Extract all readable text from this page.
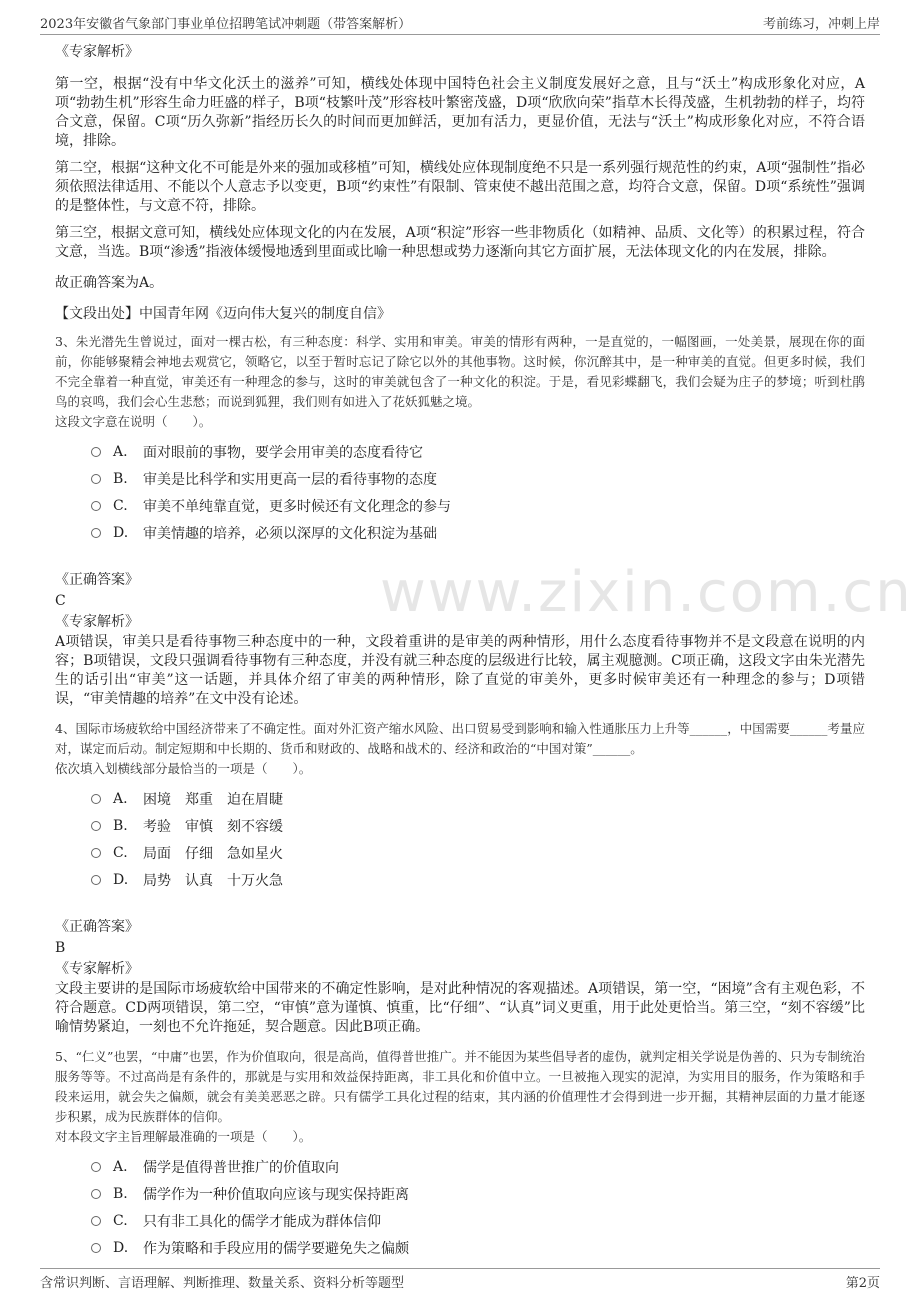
2023年安徽省气象部门事业单位招聘笔试冲刺题（带答案解析）	考前练习，冲刺上岸
www.zixin.com.cn

《专家解析》

第一空，根据“没有中华文化沃土的滋养”可知，横线处体现中国特色社会主义制度发展好之意，且与“沃土”构成形象化对应，A项“勃勃生机”形容生命力旺盛的样子，B项“枝繁叶茂”形容枝叶繁密茂盛，D项“欣欣向荣”指草木长得茂盛，生机勃勃的样子，均符合文意，保留。C项“历久弥新”指经历长久的时间而更加鲜活，更加有活力，更显价值，无法与“沃土”构成形象化对应，不符合语境，排除。

第二空，根据“这种文化不可能是外来的强加或移植”可知，横线处应体现制度绝不只是一系列强行规范性的约束，A项“强制性”指必须依照法律适用、不能以个人意志予以变更，B项“约束性”有限制、管束使不越出范围之意，均符合文意，保留。D项“系统性”强调的是整体性，与文意不符，排除。

第三空，根据文意可知，横线处应体现文化的内在发展，A项“积淀”形容一些非物质化（如精神、品质、文化等）的积累过程，符合文意，当选。B项“渗透”指液体缓慢地透到里面或比喻一种思想或势力逐渐向其它方面扩展，无法体现文化的内在发展，排除。

故正确答案为A。

【文段出处】中国青年网《迈向伟大复兴的制度自信》

3、朱光潜先生曾说过，面对一棵古松，有三种态度：科学、实用和审美。审美的情形有两种，一是直觉的，一幅图画，一处美景，展现在你的面前，你能够聚精会神地去观赏它，领略它，以至于暂时忘记了除它以外的其他事物。这时候，你沉醉其中，是一种审美的直觉。但更多时候，我们不完全靠着一种直觉，审美还有一种理念的参与，这时的审美就包含了一种文化的积淀。于是，看见彩蝶翻飞，我们会疑为庄子的梦境；听到杜鹃鸟的哀鸣，我们会心生悲愁；而说到狐狸，我们则有如进入了花妖狐魅之境。

这段文字意在说明（　　）。

A.	面对眼前的事物，要学会用审美的态度看待它
B.	审美是比科学和实用更高一层的看待事物的态度
C.	审美不单纯靠直觉，更多时候还有文化理念的参与
D.	审美情趣的培养，必须以深厚的文化积淀为基础

《正确答案》

C

《专家解析》

A项错误，审美只是看待事物三种态度中的一种，文段着重讲的是审美的两种情形，用什么态度看待事物并不是文段意在说明的内容；B项错误，文段只强调看待事物有三种态度，并没有就三种态度的层级进行比较，属主观臆测。C项正确，这段文字由朱光潜先生的话引出“审美”这一话题，并具体介绍了审美的两种情形，除了直觉的审美外，更多时候审美还有一种理念的参与；D项错误，“审美情趣的培养”在文中没有论述。

4、国际市场疲软给中国经济带来了不确定性。面对外汇资产缩水风险、出口贸易受到影响和输入性通胀压力上升等______，中国需要______考量应对，谋定而后动。制定短期和中长期的、货币和财政的、战略和战术的、经济和政治的“中国对策”______。

依次填入划横线部分最恰当的一项是（　　）。

A.	困境　郑重　迫在眉睫
B.	考验　审慎　刻不容缓
C.	局面　仔细　急如星火
D.	局势　认真　十万火急

《正确答案》

B

《专家解析》

文段主要讲的是国际市场疲软给中国带来的不确定性影响，是对此种情况的客观描述。A项错误，第一空，“困境”含有主观色彩，不符合题意。CD两项错误，第二空，“审慎”意为谨慎、慎重，比“仔细”、“认真”词义更重，用于此处更恰当。第三空，“刻不容缓”比喻情势紧迫，一刻也不允许拖延，契合题意。因此B项正确。

5、“仁义”也罢，“中庸”也罢，作为价值取向，很是高尚，值得普世推广。并不能因为某些倡导者的虚伪，就判定相关学说是伪善的、只为专制统治服务等等。不过高尚是有条件的，那就是与实用和效益保持距离，非工具化和价值中立。一旦被拖入现实的泥淖，为实用目的服务，作为策略和手段来运用，就会失之偏颇，就会有美美恶恶之辟。只有儒学工具化过程的结束，其内涵的价值理性才会得到进一步开掘，其精神层面的力量才能逐步积累，成为民族群体的信仰。

对本段文字主旨理解最准确的一项是（　　）。

A.	儒学是值得普世推广的价值取向
B.	儒学作为一种价值取向应该与现实保持距离
C.	只有非工具化的儒学才能成为群体信仰
D.	作为策略和手段应用的儒学要避免失之偏颇
含常识判断、言语理解、判断推理、数量关系、资料分析等题型	第2页
